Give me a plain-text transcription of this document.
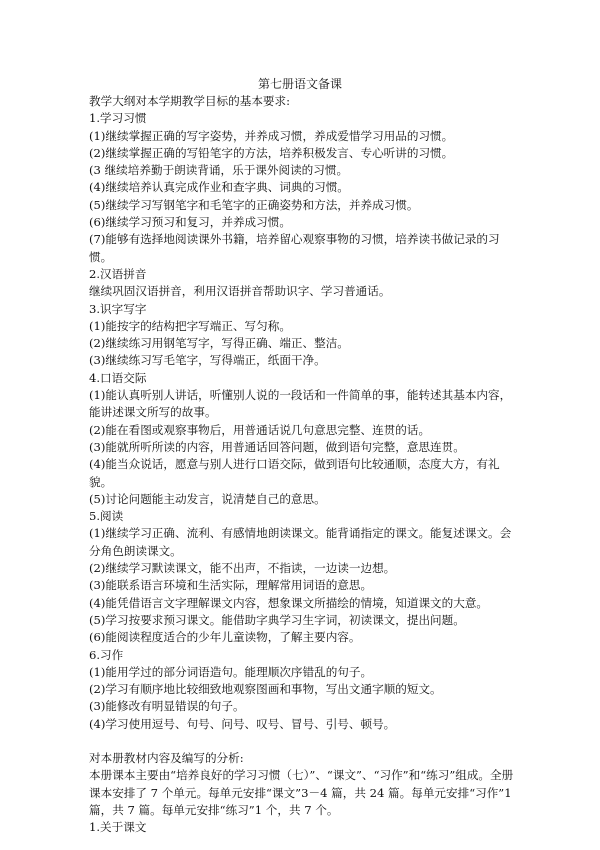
第七册语文备课
教学大纲对本学期教学目标的基本要求:
1.学习习惯
(1)继续掌握正确的写字姿势，并养成习惯，养成爱惜学习用品的习惯。
(2)继续掌握正确的写铅笔字的方法，培养积极发言、专心听讲的习惯。
(3 继续培养勤于朗读背诵，乐于课外阅读的习惯。
(4)继续培养认真完成作业和查字典、词典的习惯。
(5)继续学习写钢笔字和毛笔字的正确姿势和方法，并养成习惯。
(6)继续学习预习和复习，并养成习惯。
(7)能够有选择地阅读课外书籍，培养留心观察事物的习惯，培养读书做记录的习惯。
2.汉语拼音
继续巩固汉语拼音，利用汉语拼音帮助识字、学习普通话。
3.识字写字
(1)能按字的结构把字写端正、写匀称。
(2)继续练习用钢笔写字，写得正确、端正、整洁。
(3)继续练习写毛笔字，写得端正，纸面干净。
4.口语交际
(1)能认真听别人讲话，听懂别人说的一段话和一件简单的事，能转述其基本内容，能讲述课文所写的故事。
(2)能在看图或观察事物后，用普通话说几句意思完整、连贯的话。
(3)能就所听所读的内容，用普通话回答问题，做到语句完整，意思连贯。
(4)能当众说话，愿意与别人进行口语交际，做到语句比较通顺，态度大方，有礼貌。
(5)讨论问题能主动发言，说清楚自己的意思。
5.阅读
(1)继续学习正确、流利、有感情地朗读课文。能背诵指定的课文。能复述课文。会分角色朗读课文。
(2)继续学习默读课文，能不出声，不指读，一边读一边想。
(3)能联系语言环境和生活实际，理解常用词语的意思。
(4)能凭借语言文字理解课文内容，想象课文所描绘的情境，知道课文的大意。
(5)学习按要求预习课文。能借助字典学习生字词，初读课文，提出问题。
(6)能阅读程度适合的少年儿童读物，了解主要内容。
6.习作
(1)能用学过的部分词语造句。能理顺次序错乱的句子。
(2)学习有顺序地比较细致地观察图画和事物，写出文通字顺的短文。
(3)能修改有明显错误的句子。
(4)学习使用逗号、句号、问号、叹号、冒号、引号、顿号。
对本册教材内容及编写的分析:
本册课本主要由“培养良好的学习习惯（七）”、“课文”、“习作”和“练习”组成。全册课本安排了 7 个单元。每单元安排“课文”3－4 篇，共 24 篇。每单元安排“习作”1 篇，共 7 篇。每单元安排“练习”1 个，共 7 个。
1.关于课文
